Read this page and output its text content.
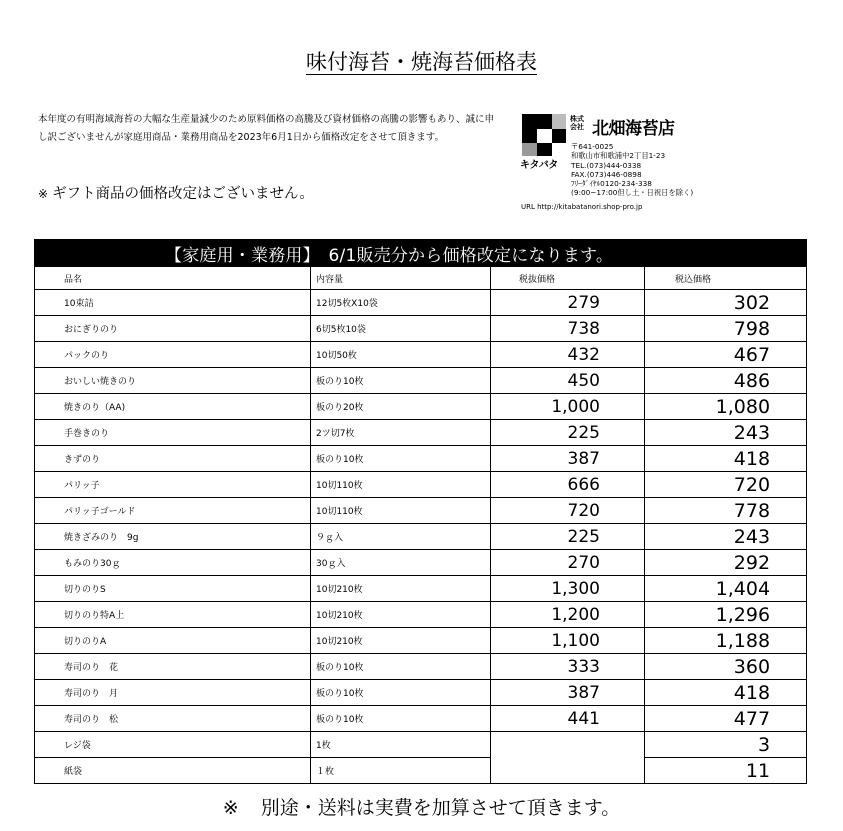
味付海苔・焼海苔価格表
本年度の有明海域海苔の大幅な生産量減少のため原料価格の高騰及び資材価格の高騰の影響もあり、誠に申し訳ございませんが家庭用商品・業務用商品を2023年6月1日から価格改定をさせて頂きます。
※ ギフト商品の価格改定はございません。
キタバタ
株式会社 北畑海苔店
〒641-0025
和歌山市和歌浦中2丁目1-23
TEL.(073)444-0338
FAX.(073)446-0898
ﾌﾘｰﾀﾞｲﾔﾙ0120-234-338
(9:00~17:00但し土・日祝日を除く)
URL http://kitabatanori.shop-pro.jp
【家庭用・業務用】　6/1販売分から価格改定になります。			
品名	内容量	税抜価格	税込価格
10束詰	12切5枚X10袋	279	302
おにぎりのり	6切5枚10袋	738	798
パックのり	10切50枚	432	467
おいしい焼きのり	板のり10枚	450	486
焼きのり（AA)	板のり20枚	1,000	1,080
手巻きのり	2ツ切7枚	225	243
きずのり	板のり10枚	387	418
パリッ子	10切110枚	666	720
パリッ子ゴールド	10切110枚	720	778
焼きざみのり　9g	９ｇ入	225	243
もみのり30ｇ	30ｇ入	270	292
切りのりS	10切210枚	1,300	1,404
切りのり特A上	10切210枚	1,200	1,296
切りのりA	10切210枚	1,100	1,188
寿司のり　花	板のり10枚	333	360
寿司のり　月	板のり10枚	387	418
寿司のり　松	板のり10枚	441	477
レジ袋	1枚		3
紙袋	１枚		11
※ 別途・送料は実費を加算させて頂きます。
